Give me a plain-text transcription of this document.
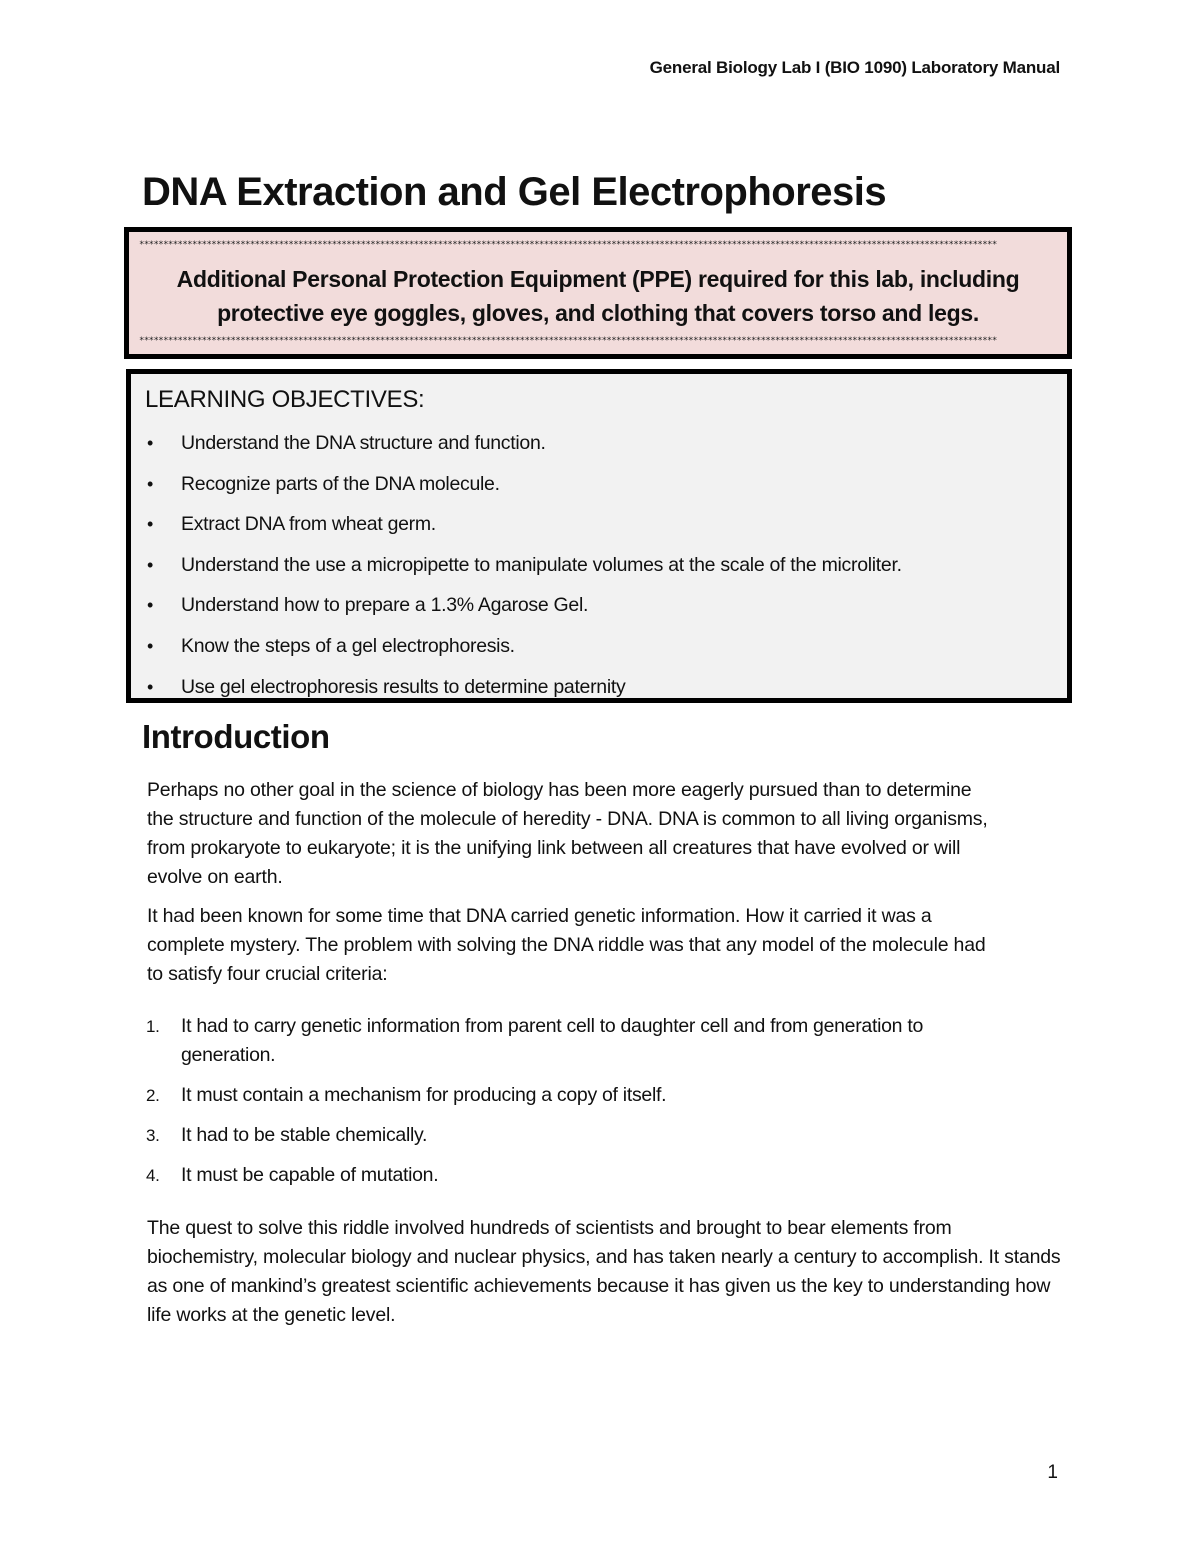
General Biology Lab I (BIO 1090) Laboratory Manual
DNA Extraction and Gel Electrophoresis
**********************************************************************************************************************************************************************************
Additional Personal Protection Equipment (PPE) required for this lab, including protective eye goggles, gloves, and clothing that covers torso and legs.
**********************************************************************************************************************************************************************************
LEARNING OBJECTIVES:
• Understand the DNA structure and function.
• Recognize parts of the DNA molecule.
• Extract DNA from wheat germ.
• Understand the use a micropipette to manipulate volumes at the scale of the microliter.
• Understand how to prepare a 1.3% Agarose Gel.
• Know the steps of a gel electrophoresis.
• Use gel electrophoresis results to determine paternity
Introduction

Perhaps no other goal in the science of biology has been more eagerly pursued than to determine the structure and function of the molecule of heredity - DNA. DNA is common to all living organisms, from prokaryote to eukaryote; it is the unifying link between all creatures that have evolved or will evolve on earth.

It had been known for some time that DNA carried genetic information. How it carried it was a complete mystery. The problem with solving the DNA riddle was that any model of the molecule had to satisfy four crucial criteria:

1. It had to carry genetic information from parent cell to daughter cell and from generation to generation.
2. It must contain a mechanism for producing a copy of itself.
3. It had to be stable chemically.
4. It must be capable of mutation.

The quest to solve this riddle involved hundreds of scientists and brought to bear elements from biochemistry, molecular biology and nuclear physics, and has taken nearly a century to accomplish. It stands as one of mankind’s greatest scientific achievements because it has given us the key to understanding how life works at the genetic level.

1
